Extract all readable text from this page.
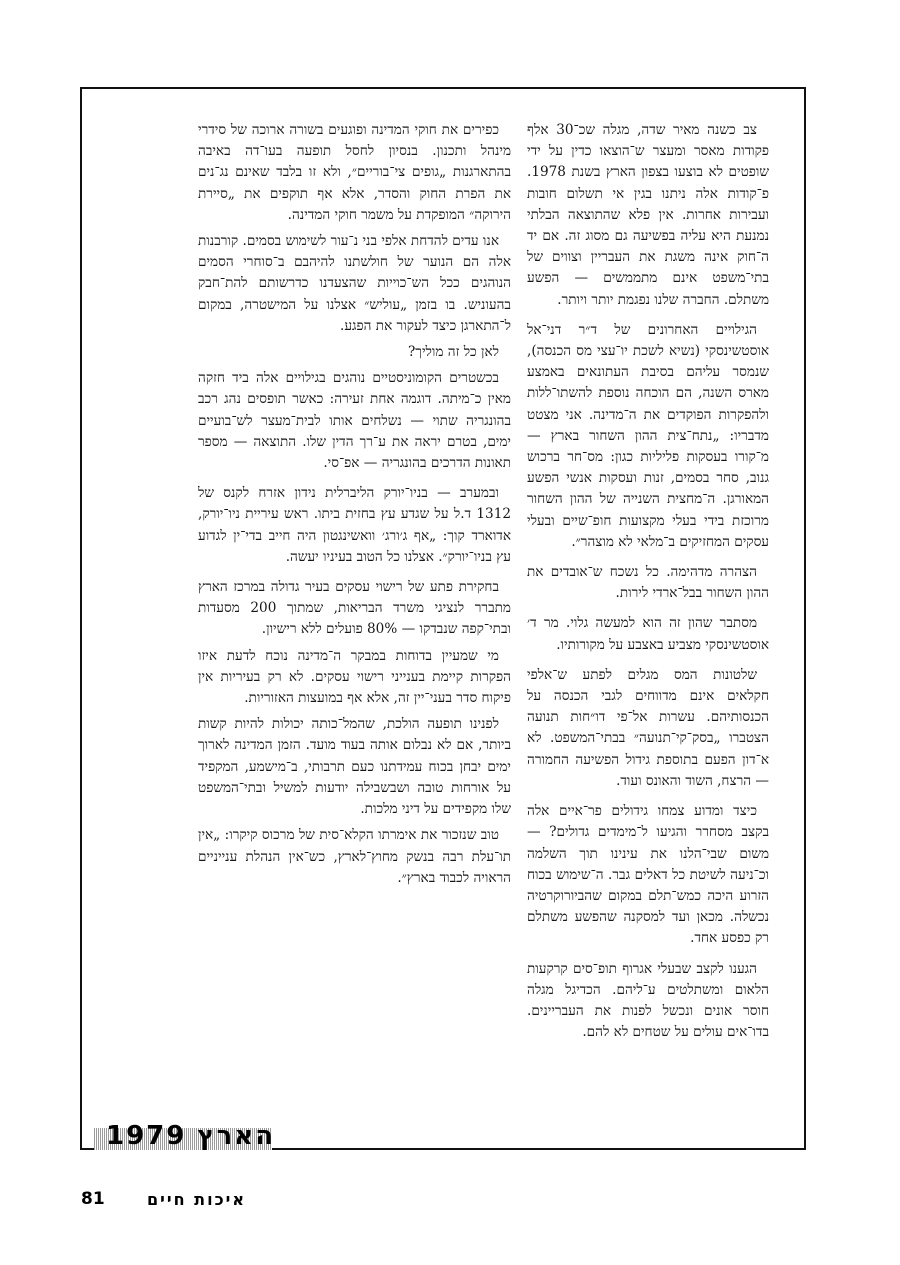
צב כשנה מאיר שדה, מגלה שכ־30 אלף פקודות מאסר ומעצר ש־הוצאו כדין על ידי שופטים לא בוצעו בצפון הארץ בשנת 1978. פ־קודות אלה ניתנו בגין אי תשלום חובות ועבירות אחרות. אין פלא שהתוצאה הבלתי נמנעת היא עליה בפשיעה גם מסוג זה. אם יד ה־חוק אינה משגת את העבריין וצווים של בתי־משפט אינם מתממשים — הפשע משתלם. החברה שלנו נפגמת יותר ויותר.

הגילויים האחרונים של ד״ר דני־אל אוסטשינסקי (נשיא לשכת יו־עצי מס הכנסה), שנמסר עליהם בסיבת העתונאים באמצע מארס השנה, הם הוכחה נוספת להשתו־ללות ולהפקרות הפוקדים את ה־מדינה. אני מצטט מדבריו: „נתח־צית ההון השחור בארץ — מ־קורו בעסקות פליליות כגון: מס־חר ברכוש גנוב, סחר בסמים, זנות ועסקות אנשי הפשע המאורגן. ה־מחצית השנייה של ההון השחור מרוכזת בידי בעלי מקצועות חופ־שיים ובעלי עסקים המחזיקים ב־מלאי לא מוצהר״.

הצהרה מדהימה. כל נשכח ש־אובדים את ההון השחור בבל־ארדי לירות.

מסתבר שהון זה הוא למעשה גלוי. מר ד׳ אוסטשינסקי מצביע באצבע על מקורותיו.

שלטונות המס מגלים לפתע ש־אלפי חקלאים אינם מדווחים לגבי הכנסה על הכנסותיהם. עשרות אל־פי דו״חות תנועה הצטברו „בסק־קי־תנועה״ בבתי־המשפט. לא א־דון הפעם בתוספת גידול הפשיעה החמורה — הרצח, השוד והאונס ועוד.

כיצד ומדוע צמחו גידולים פר־איים אלה בקצב מסחרר והגיעו ל־מימדים גדולים? — משום שבי־הלנו את עינינו תוך השלמה וכ־ניעה לשיטת כל דאלים גבר. ה־שימוש בכוח הזרוע היכה כמש־תלם במקום שהביורוקרטיה נכשלה. מכאן ועד למסקנה שהפשע משתלם רק כפסע אחד.

הגענו לקצב שבעלי אגרוף תופ־סים קרקעות הלאום ומשתלטים ע־ליהם. הכדיגל מגלה חוסר אונים ונכשל לפנות את העבריינים. בדו־אים עולים על שטחים לא להם.

כפירים את חוקי המדינה ופוגעים בשורה ארוכה של סידרי מינהל ותכנון. בנסיון לחסל תופעה בעו־דה באיבה בהתארגנות „גופים צי־בוריים״, ולא זו בלבד שאינם נג־נים את הפרת החוק והסדר, אלא אף תוקפים את „סיירת הירוקה״ המופקדת על משמר חוקי המדינה.

אנו עדים להדחת אלפי בני נ־עור לשימוש בסמים. קורבנות אלה הם הנוער של חולשתנו להיהבם ב־סוחרי הסמים הנוהגים ככל הש־כוייות שהצעדנו כדרשותם להת־חבק בהעוניש. בו בזמן „עוליש״ אצלנו על המישטרה, במקום ל־התארגן כיצד לעקור את הפגע.

לאן כל זה מוליך?

בכשטרים הקומוניסטיים נוהגים בגילויים אלה ביד חזקה מאין כ־מיתה. דוגמה אחת זעירה: כאשר תופסים נהג רכב בהונגריה שתוי — נשלחים אותו לבית־מעצר לש־בועיים ימים, בטרם יראה את ע־רך הדין שלו. התוצאה — מספר תאונות הדרכים בהונגריה — אפ־סי.

ובמערב — בניו־יורק הליברלית נידון אזרח לקנס של 1312 ד.ל על שגדע עץ בחזית ביתו. ראש עיריית ניו־יורק, אדוארד קוך: „אף ג׳ורג׳ וואשינגטון היה חייב בדי־ין לגדוע עץ בניו־יורק״. אצלנו כל הטוב בעיניו יעשה.

בחקירת פתע של רישוי עסקים בעיר גדולה במרכז הארץ מתברר לנציגי משרד הבריאות, שמתוך 200 מסעדות ובתי־קפה שנבדקו — 80% פועלים ללא רישיון.

מי שמעיין בדוחות במבקר ה־מדינה נוכח לדעת איזו הפקרות קיימת בענייני רישוי עסקים. לא רק בעיריות אין פיקוח סדר בעני־יין זה, אלא אף במועצות האזוריות.

לפנינו תופעה הולכת, שהמל־כותה יכולות להיות קשות ביותר, אם לא נבלום אותה בעוד מועד. הזמן המדינה לארוך ימים יבחן בכוח עמידתנו כעם תרבותי, ב־מישמע, המקפיד על אורחות טובה ושבשבילה יודעות למשיל ובתי־המשפט שלו מקפידים על דיני מלכות.

טוב שנזכור את אימרתו הקלא־סית של מרכוס קיקרו: „אין תו־עלת רבה בנשק מחוץ־לארץ, כש־אין הנהלת ענייניים הראויה לכבוד בארץ״.

הארץ 1979
81	איכות חיים
